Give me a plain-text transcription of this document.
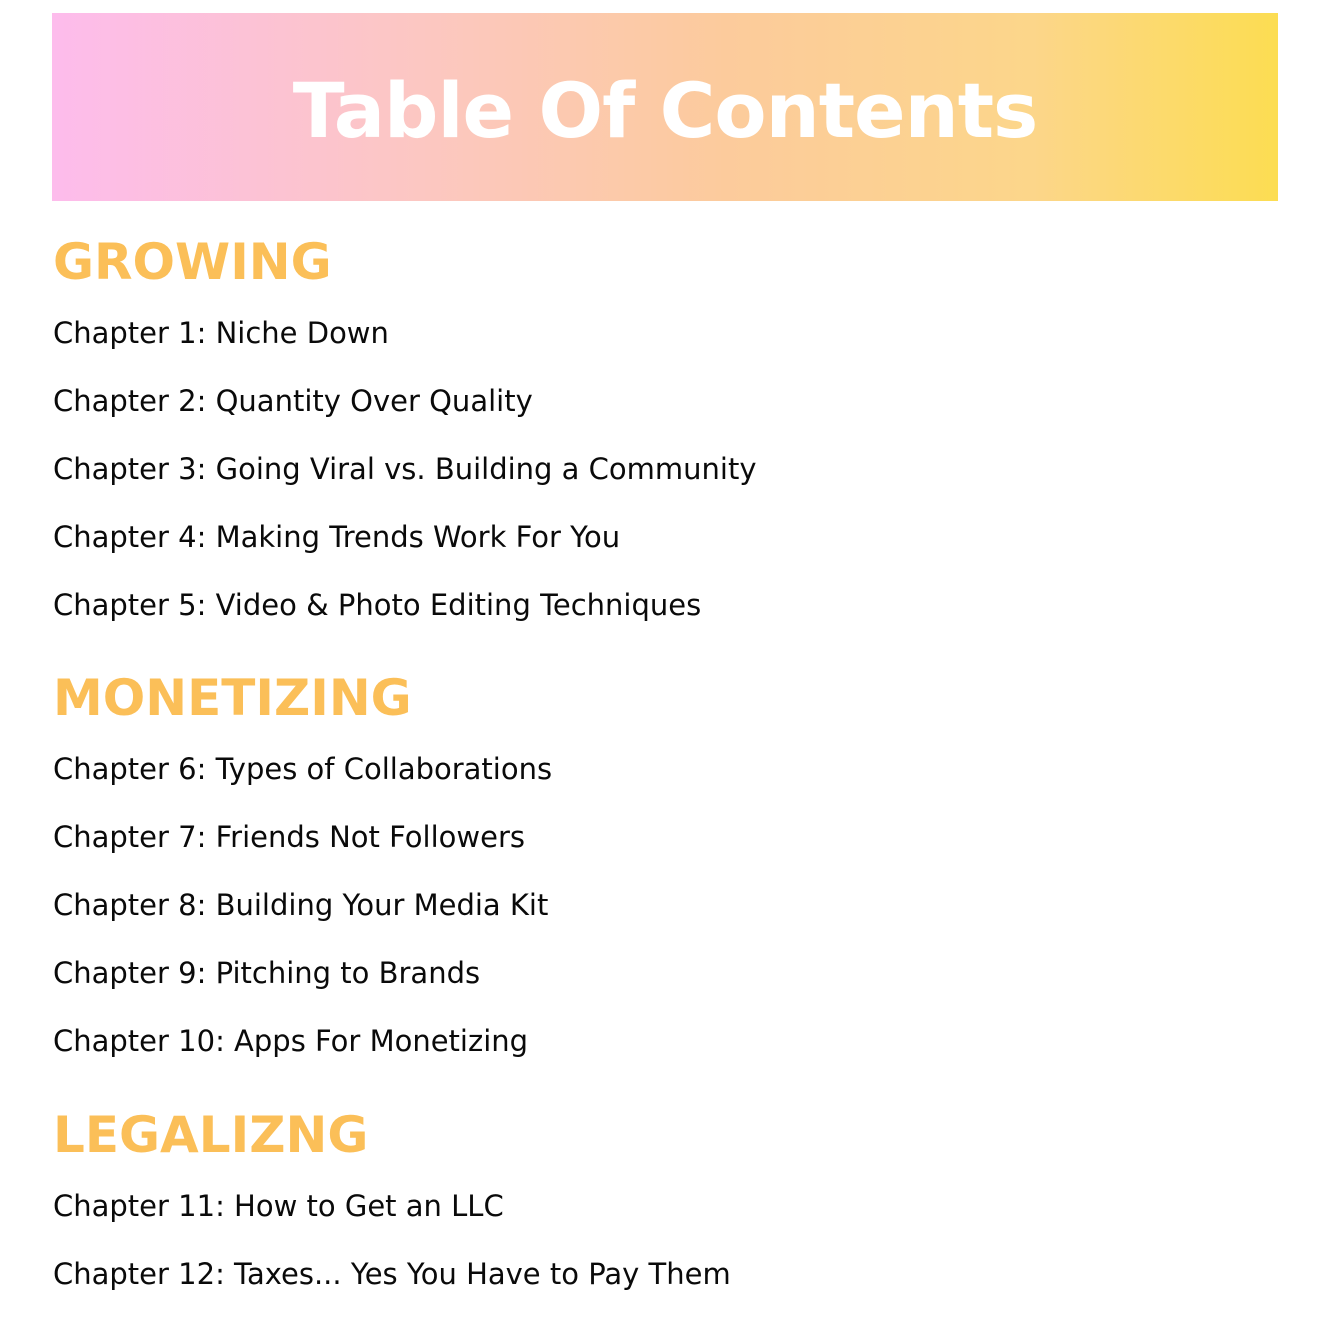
Table Of Contents
GROWING
Chapter 1: Niche Down
Chapter 2: Quantity Over Quality
Chapter 3: Going Viral vs. Building a Community
Chapter 4: Making Trends Work For You
Chapter 5: Video & Photo Editing Techniques
MONETIZING
Chapter 6: Types of Collaborations
Chapter 7: Friends Not Followers
Chapter 8: Building Your Media Kit
Chapter 9: Pitching to Brands
Chapter 10: Apps For Monetizing
LEGALIZNG
Chapter 11: How to Get an LLC
Chapter 12: Taxes... Yes You Have to Pay Them
